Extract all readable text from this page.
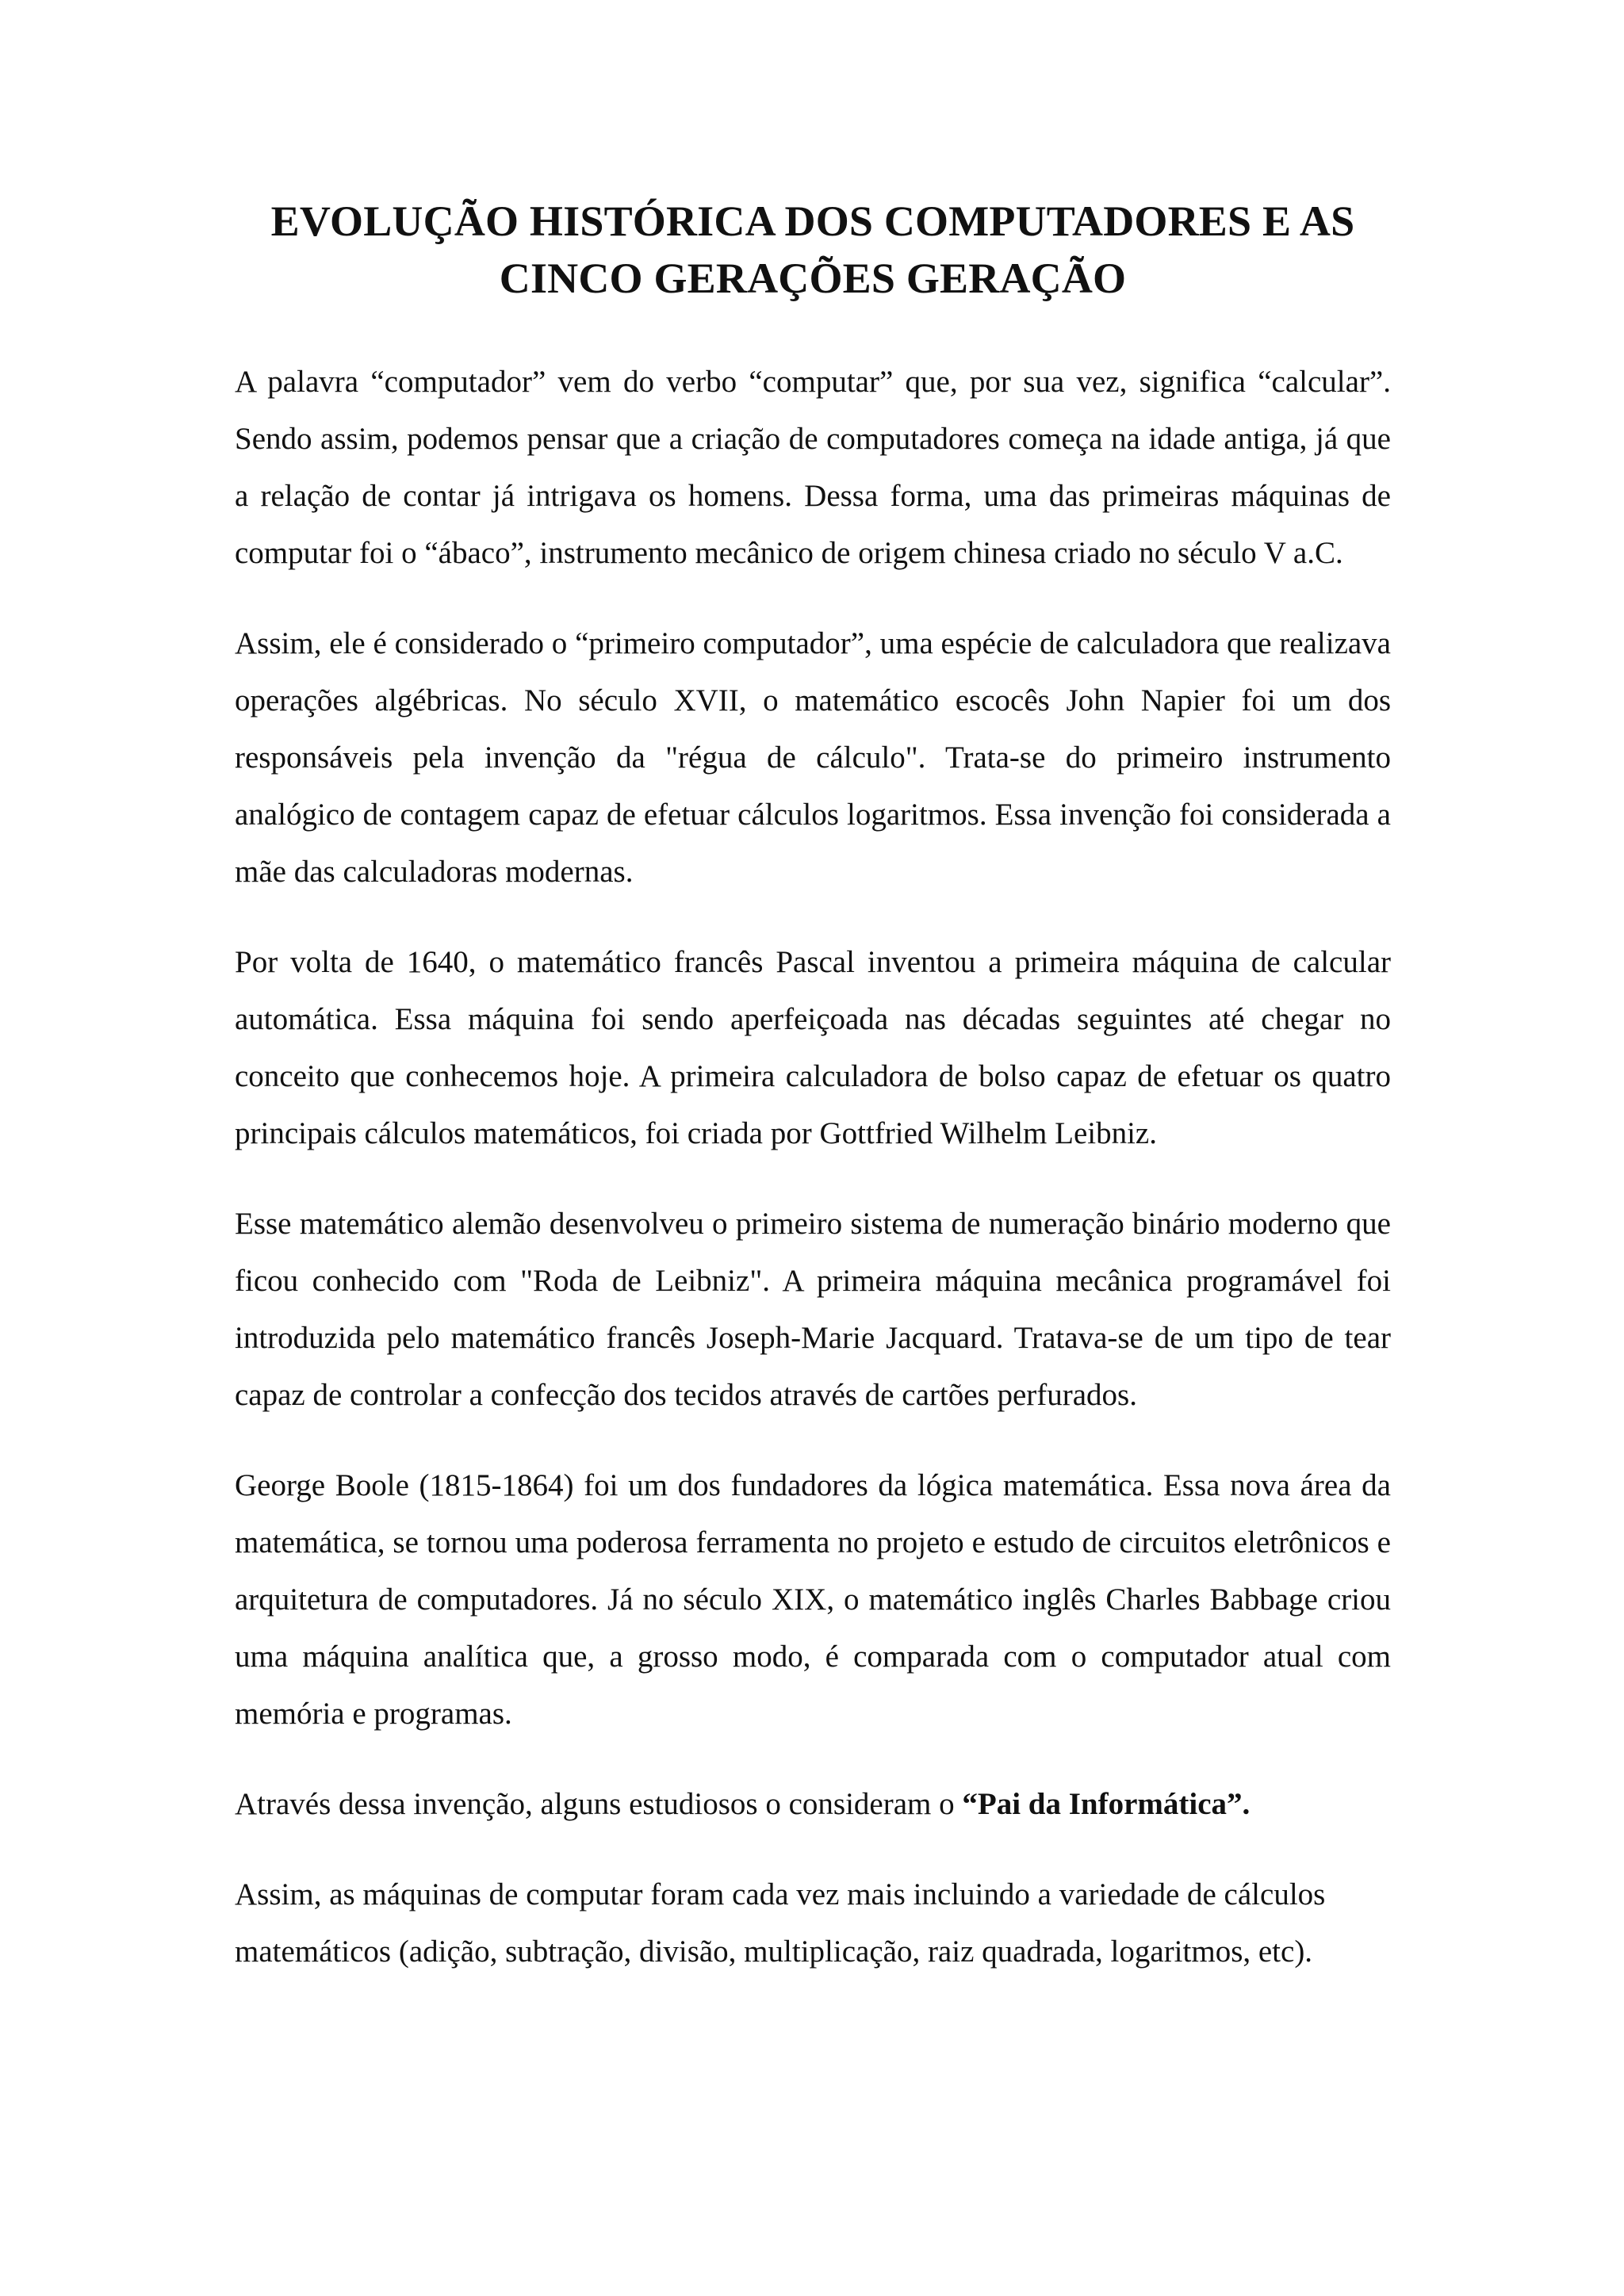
EVOLUÇÃO HISTÓRICA DOS COMPUTADORES E AS CINCO GERAÇÕES GERAÇÃO

A palavra “computador” vem do verbo “computar” que, por sua vez, significa “calcular”. Sendo assim, podemos pensar que a criação de computadores começa na idade antiga, já que a relação de contar já intrigava os homens. Dessa forma, uma das primeiras máquinas de computar foi o “ábaco”, instrumento mecânico de origem chinesa criado no século V a.C.

Assim, ele é considerado o “primeiro computador”, uma espécie de calculadora que realizava operações algébricas. No século XVII, o matemático escocês John Napier foi um dos responsáveis pela invenção da "régua de cálculo". Trata-se do primeiro instrumento analógico de contagem capaz de efetuar cálculos logaritmos. Essa invenção foi considerada a mãe das calculadoras modernas.

Por volta de 1640, o matemático francês Pascal inventou a primeira máquina de calcular automática. Essa máquina foi sendo aperfeiçoada nas décadas seguintes até chegar no conceito que conhecemos hoje. A primeira calculadora de bolso capaz de efetuar os quatro principais cálculos matemáticos, foi criada por Gottfried Wilhelm Leibniz.

Esse matemático alemão desenvolveu o primeiro sistema de numeração binário moderno que ficou conhecido com "Roda de Leibniz". A primeira máquina mecânica programável foi introduzida pelo matemático francês Joseph-Marie Jacquard. Tratava-se de um tipo de tear capaz de controlar a confecção dos tecidos através de cartões perfurados.

George Boole (1815-1864) foi um dos fundadores da lógica matemática. Essa nova área da matemática, se tornou uma poderosa ferramenta no projeto e estudo de circuitos eletrônicos e arquitetura de computadores. Já no século XIX, o matemático inglês Charles Babbage criou uma máquina analítica que, a grosso modo, é comparada com o computador atual com memória e programas.

Através dessa invenção, alguns estudiosos o consideram o “Pai da Informática”.

Assim, as máquinas de computar foram cada vez mais incluindo a variedade de cálculos matemáticos (adição, subtração, divisão, multiplicação, raiz quadrada, logaritmos, etc).
